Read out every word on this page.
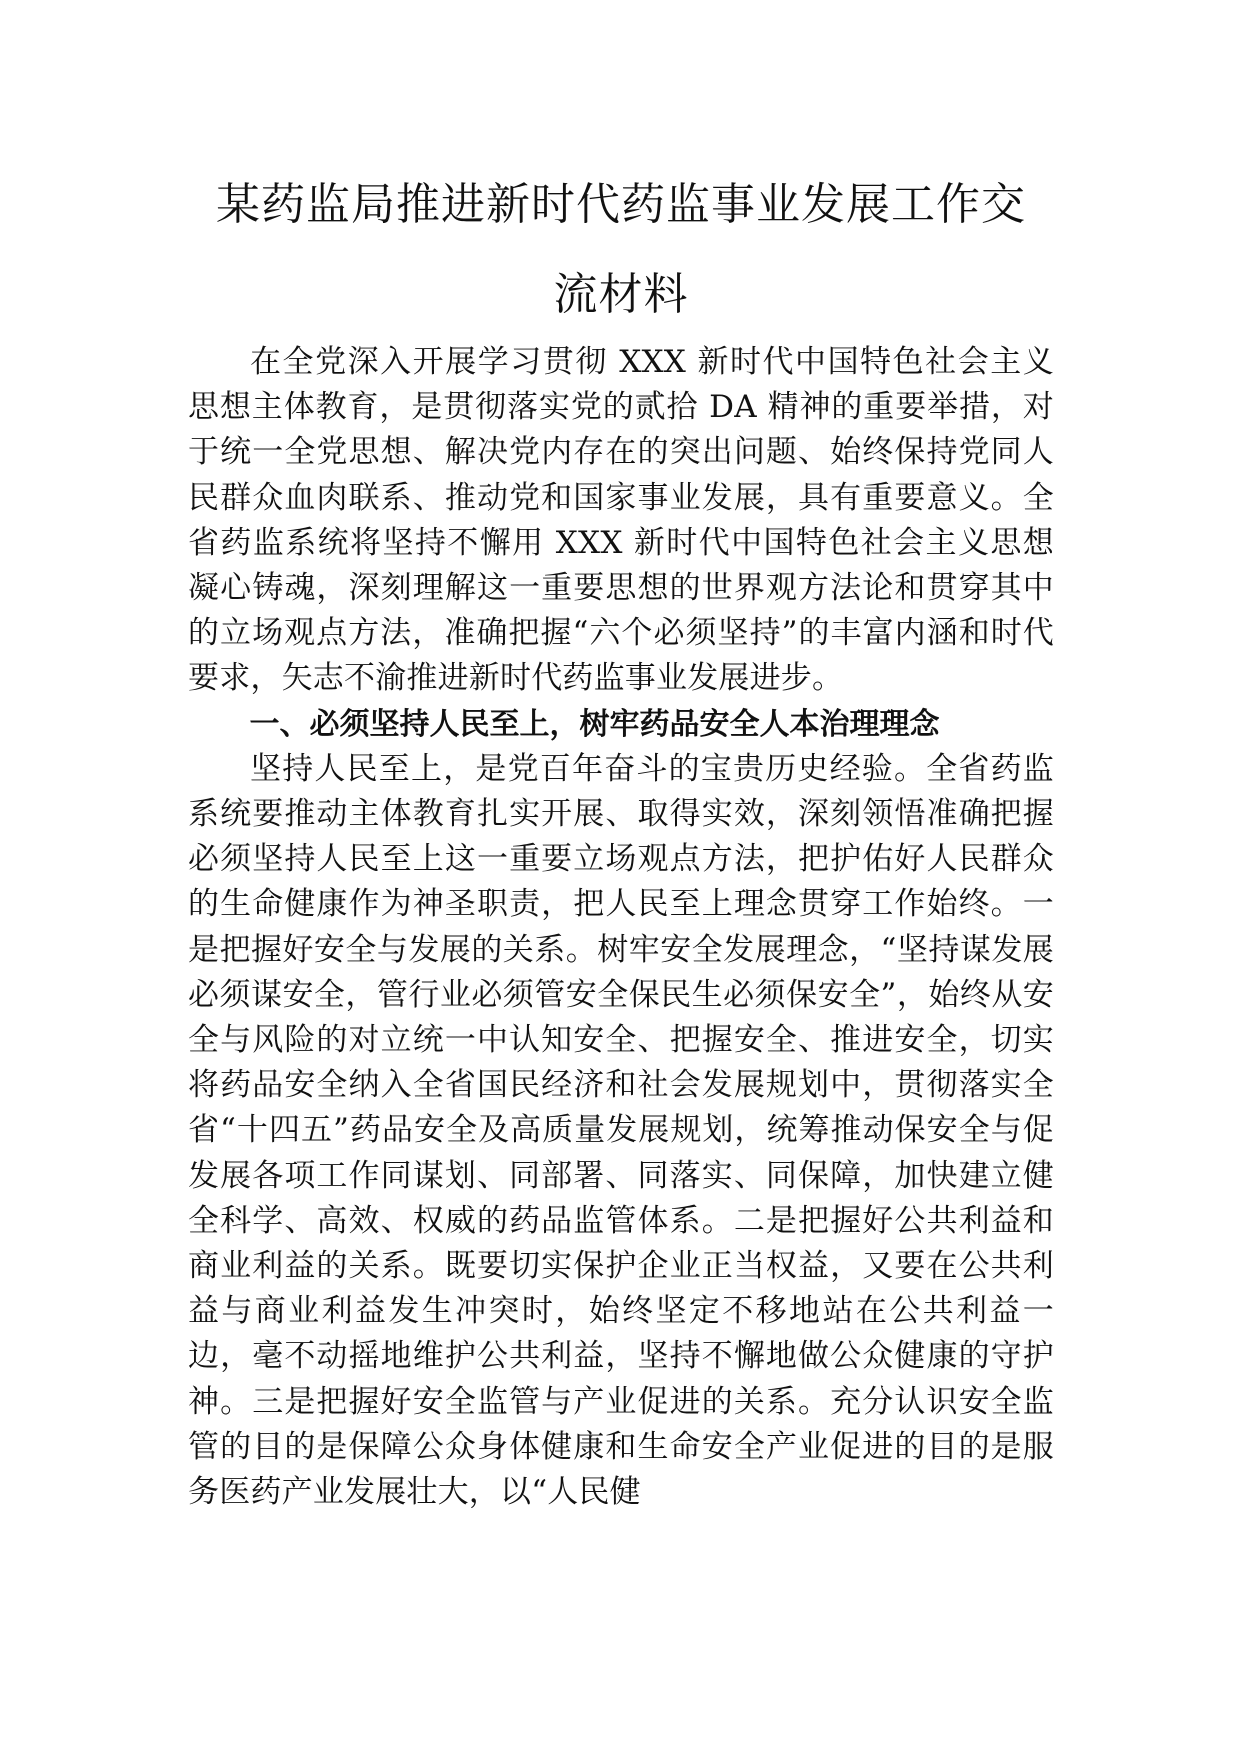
某药监局推进新时代药监事业发展工作交
流材料

在全党深入开展学习贯彻 XXX 新时代中国特色社会主义思想主体教育，是贯彻落实党的贰拾 DA 精神的重要举措，对于统一全党思想、解决党内存在的突出问题、始终保持党同人民群众血肉联系、推动党和国家事业发展，具有重要意义。全省药监系统将坚持不懈用 XXX 新时代中国特色社会主义思想凝心铸魂，深刻理解这一重要思想的世界观方法论和贯穿其中的立场观点方法，准确把握“六个必须坚持”的丰富内涵和时代要求，矢志不渝推进新时代药监事业发展进步。

一、必须坚持人民至上，树牢药品安全人本治理理念

坚持人民至上，是党百年奋斗的宝贵历史经验。全省药监系统要推动主体教育扎实开展、取得实效，深刻领悟准确把握必须坚持人民至上这一重要立场观点方法，把护佑好人民群众的生命健康作为神圣职责，把人民至上理念贯穿工作始终。一是把握好安全与发展的关系。树牢安全发展理念，“坚持谋发展必须谋安全，管行业必须管安全保民生必须保安全”，始终从安全与风险的对立统一中认知安全、把握安全、推进安全，切实将药品安全纳入全省国民经济和社会发展规划中，贯彻落实全省“十四五”药品安全及高质量发展规划，统筹推动保安全与促发展各项工作同谋划、同部署、同落实、同保障，加快建立健全科学、高效、权威的药品监管体系。二是把握好公共利益和商业利益的关系。既要切实保护企业正当权益，又要在公共利益与商业利益发生冲突时，始终坚定不移地站在公共利益一边，毫不动摇地维护公共利益，坚持不懈地做公众健康的守护神。三是把握好安全监管与产业促进的关系。充分认识安全监管的目的是保障公众身体健康和生命安全产业促进的目的是服务医药产业发展壮大，以“人民健
